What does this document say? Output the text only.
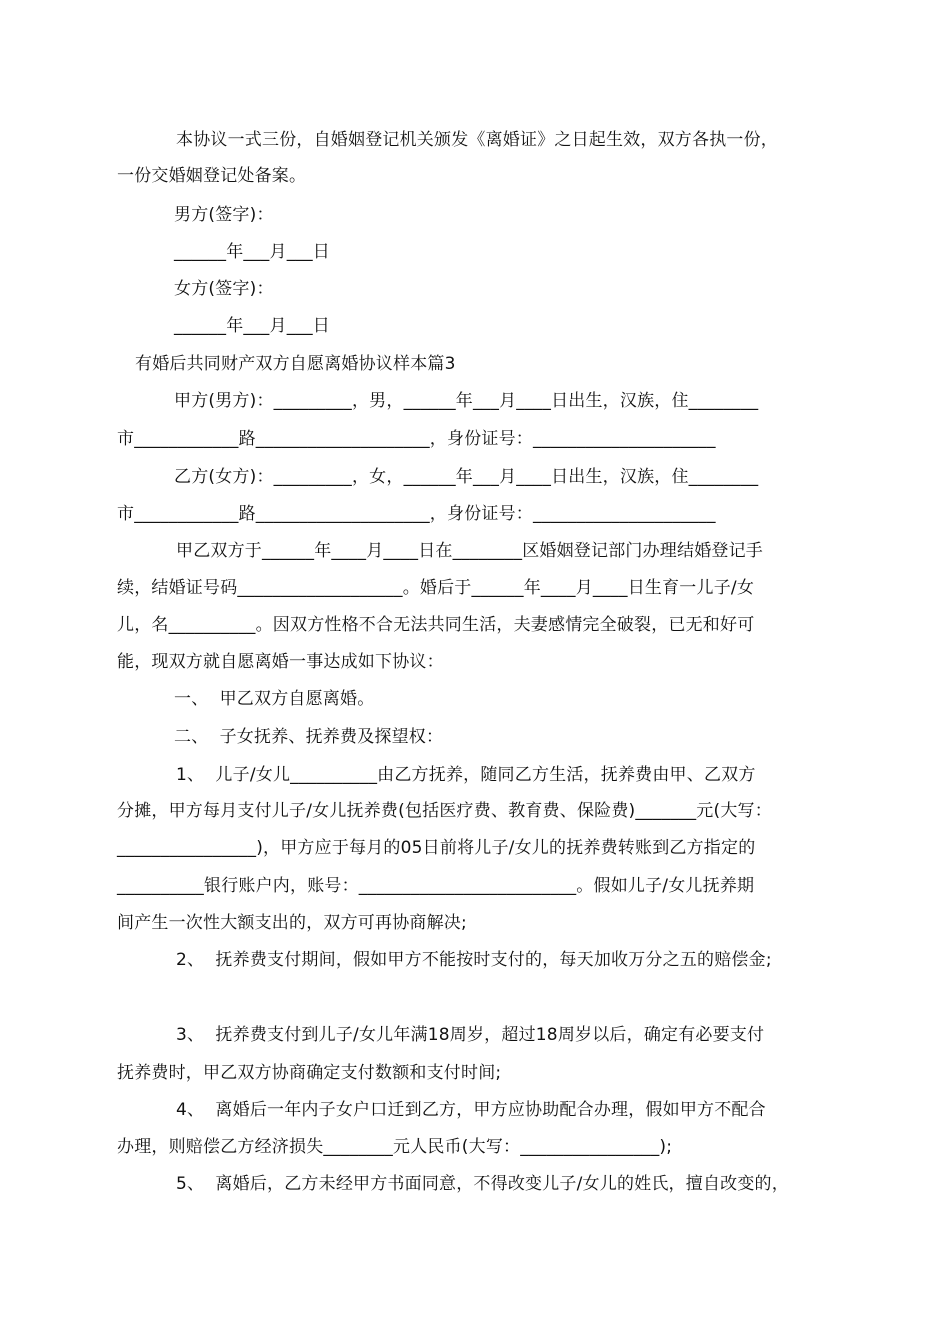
本协议一式三份，自婚姻登记机关颁发《离婚证》之日起生效，双方各执一份，
一份交婚姻登记处备案。
男方(签字)：
______年___月___日
女方(签字)：
______年___月___日
有婚后共同财产双方自愿离婚协议样本篇3
甲方(男方)：_________，男，______年___月____日出生，汉族，住________
市____________路____________________，身份证号：_____________________
乙方(女方)：_________，女，______年___月____日出生，汉族，住________
市____________路____________________，身份证号：_____________________
甲乙双方于______年____月____日在________区婚姻登记部门办理结婚登记手
续，结婚证号码___________________。婚后于______年____月____日生育一儿子/女
儿，名__________。因双方性格不合无法共同生活，夫妻感情完全破裂，已无和好可
能，现双方就自愿离婚一事达成如下协议：
一、  甲乙双方自愿离婚。
二、  子女抚养、抚养费及探望权：
1、  儿子/女儿__________由乙方抚养，随同乙方生活，抚养费由甲、乙双方
分摊，甲方每月支付儿子/女儿抚养费(包括医疗费、教育费、保险费)_______元(大写：
________________)，甲方应于每月的05日前将儿子/女儿的抚养费转账到乙方指定的
__________银行账户内，账号：_________________________。假如儿子/女儿抚养期
间产生一次性大额支出的，双方可再协商解决;
2、  抚养费支付期间，假如甲方不能按时支付的，每天加收万分之五的赔偿金;
3、  抚养费支付到儿子/女儿年满18周岁，超过18周岁以后，确定有必要支付
抚养费时，甲乙双方协商确定支付数额和支付时间;
4、  离婚后一年内子女户口迁到乙方，甲方应协助配合办理，假如甲方不配合
办理，则赔偿乙方经济损失________元人民币(大写：________________);
5、  离婚后，乙方未经甲方书面同意，不得改变儿子/女儿的姓氏，擅自改变的，
